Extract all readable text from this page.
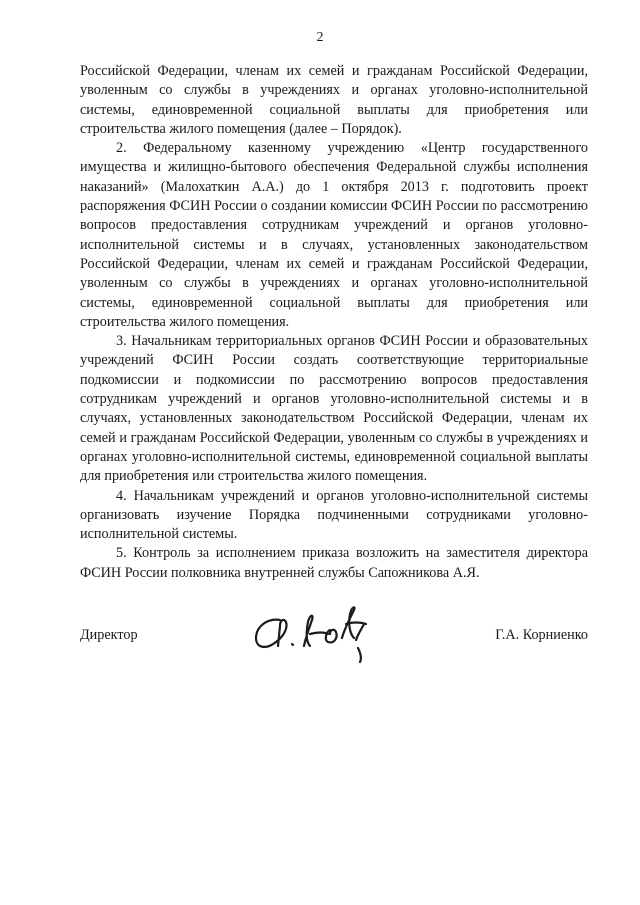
2

Российской Федерации, членам их семей и гражданам Российской Федерации, уволенным со службы в учреждениях и органах уголовно-исполнительной системы, единовременной социальной выплаты для приобретения или строительства жилого помещения (далее – Порядок).

2. Федеральному казенному учреждению «Центр государственного имущества и жилищно-бытового обеспечения Федеральной службы исполнения наказаний» (Малохаткин А.А.) до 1 октября 2013 г. подготовить проект распоряжения ФСИН России о создании комиссии ФСИН России по рассмотрению вопросов предоставления сотрудникам учреждений и органов уголовно-исполнительной системы и в случаях, установленных законодательством Российской Федерации, членам их семей и гражданам Российской Федерации, уволенным со службы в учреждениях и органах уголовно-исполнительной системы, единовременной социальной выплаты для приобретения или строительства жилого помещения.

3. Начальникам территориальных органов ФСИН России и образовательных учреждений ФСИН России создать соответствующие территориальные подкомиссии и подкомиссии по рассмотрению вопросов предоставления сотрудникам учреждений и органов уголовно-исполнительной системы и в случаях, установленных законодательством Российской Федерации, членам их семей и гражданам Российской Федерации, уволенным со службы в учреждениях и органах уголовно-исполнительной системы, единовременной социальной выплаты для приобретения или строительства жилого помещения.

4. Начальникам учреждений и органов уголовно-исполнительной системы организовать изучение Порядка подчиненными сотрудниками уголовно-исполнительной системы.

5. Контроль за исполнением приказа возложить на заместителя директора ФСИН России полковника внутренней службы Сапожникова А.Я.

Директор	Г.А. Корниенко
